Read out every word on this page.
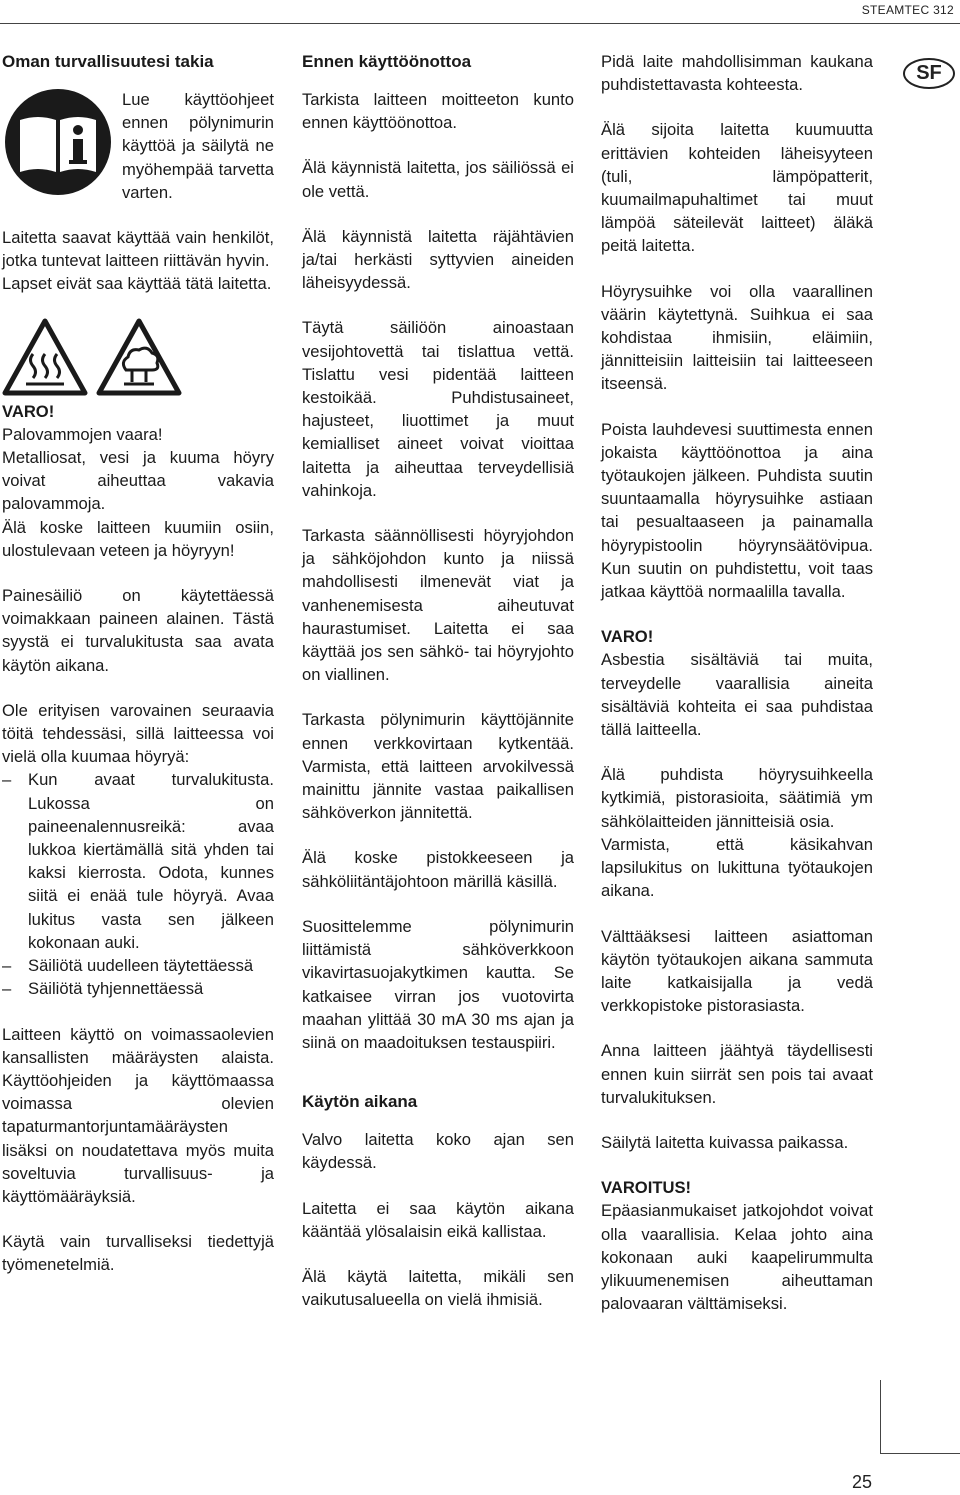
STEAMTEC 312
SF
Oman turvallisuutesi takia

Lue käyttöohjeet ennen pölynimurin käyttöä ja säilytä ne myöhempää tarvetta varten.

Laitetta saavat käyttää vain henkilöt, jotka tuntevat laitteen riittävän hyvin.

Lapset eivät saa käyttää tätä laitetta.

VARO!

Palovammojen vaara!

Metalliosat, vesi ja kuuma höyry voivat aiheuttaa vakavia palovammoja.

Älä koske laitteen kuumiin osiin, ulostulevaan veteen ja höyryyn!

Painesäiliö on käytettäessä voimakkaan paineen alainen. Tästä syystä ei turvalukitusta saa avata käytön aikana.

Ole erityisen varovainen seuraavia töitä tehdessäsi, sillä laitteessa voi vielä olla kuumaa höyryä:

– Kun avaat turvalukitusta. Lukossa on paineenalennusreikä: avaa lukkoa kiertämällä sitä yhden tai kaksi kierrosta. Odota, kunnes siitä ei enää tule höyryä. Avaa lukitus vasta sen jälkeen kokonaan auki.
– Säiliötä uudelleen täytettäessä
– Säiliötä tyhjennettäessä

Laitteen käyttö on voimassaolevien kansallisten määräysten alaista. Käyttöohjeiden ja käyttömaassa voimassa olevien tapaturmantorjuntamääräysten lisäksi on noudatettava myös muita soveltuvia turvallisuus- ja käyttömääräyksiä.

Käytä vain turvalliseksi tiedettyjä työmenetelmiä.

Ennen käyttöönottoa

Tarkista laitteen moitteeton kunto ennen käyttöönottoa.

Älä käynnistä laitetta, jos säiliössä ei ole vettä.

Älä käynnistä laitetta räjähtävien ja/tai herkästi syttyvien aineiden läheisyydessä.

Täytä säiliöön ainoastaan vesijohtovettä tai tislattua vettä. Tislattu vesi pidentää laitteen kestoikää. Puhdistusaineet, hajusteet, liuottimet ja muut kemialliset aineet voivat vioittaa laitetta ja aiheuttaa terveydellisiä vahinkoja.

Tarkasta säännöllisesti höyryjohdon ja sähköjohdon kunto ja niissä mahdollisesti ilmenevät viat ja vanhenemisesta aiheutuvat haurastumiset. Laitetta ei saa käyttää jos sen sähkö- tai höyryjohto on viallinen.

Tarkasta pölynimurin käyttöjännite ennen verkkovirtaan kytkentää. Varmista, että laitteen arvokilvessä mainittu jännite vastaa paikallisen sähköverkon jännitettä.

Älä koske pistokkeeseen ja sähköliitäntäjohtoon märillä käsillä.

Suosittelemme pölynimurin liittämistä sähköverkkoon vikavirtasuojakytkimen kautta. Se katkaisee virran jos vuotovirta maahan ylittää 30 mA 30 ms ajan ja siinä on maadoituksen testauspiiri.

Käytön aikana

Valvo laitetta koko ajan sen käydessä.

Laitetta ei saa käytön aikana kääntää ylösalaisin eikä kallistaa.

Älä käytä laitetta, mikäli sen vaikutusalueella on vielä ihmisiä.

Pidä laite mahdollisimman kaukana puhdistettavasta kohteesta.

Älä sijoita laitetta kuumuutta erittävien kohteiden läheisyyteen (tuli, lämpöpatterit, kuumailmapuhaltimet tai muut lämpöä säteilevät laitteet) äläkä peitä laitetta.

Höyrysuihke voi olla vaarallinen väärin käytettynä. Suihkua ei saa kohdistaa ihmisiin, eläimiin, jännitteisiin laitteisiin tai laitteeseen itseensä.

Poista lauhdevesi suuttimesta ennen jokaista käyttöönottoa ja aina työtaukojen jälkeen. Puhdista suutin suuntaamalla höyrysuihke astiaan tai pesualtaaseen ja painamalla höyrypistoolin höyrynsäätövipua. Kun suutin on puhdistettu, voit taas jatkaa käyttöä normaalilla tavalla.

VARO!

Asbestia sisältäviä tai muita, terveydelle vaarallisia aineita sisältäviä kohteita ei saa puhdistaa tällä laitteella.

Älä puhdista höyrysuihkeella kytkimiä, pistorasioita, säätimiä ym sähkölaitteiden jännitteisiä osia.

Varmista, että käsikahvan lapsilukitus on lukittuna työtaukojen aikana.

Välttääksesi laitteen asiattoman käytön työtaukojen aikana sammuta laite katkaisijalla ja vedä verkkopistoke pistorasiasta.

Anna laitteen jäähtyä täydellisesti ennen kuin siirrät sen pois tai avaat turvalukituksen.

Säilytä laitetta kuivassa paikassa.

VAROITUS!

Epäasianmukaiset jatkojohdot voivat olla vaarallisia. Kelaa johto aina kokonaan auki kaapelirummulta ylikuumenemisen aiheuttaman palovaaran välttämiseksi.

25
